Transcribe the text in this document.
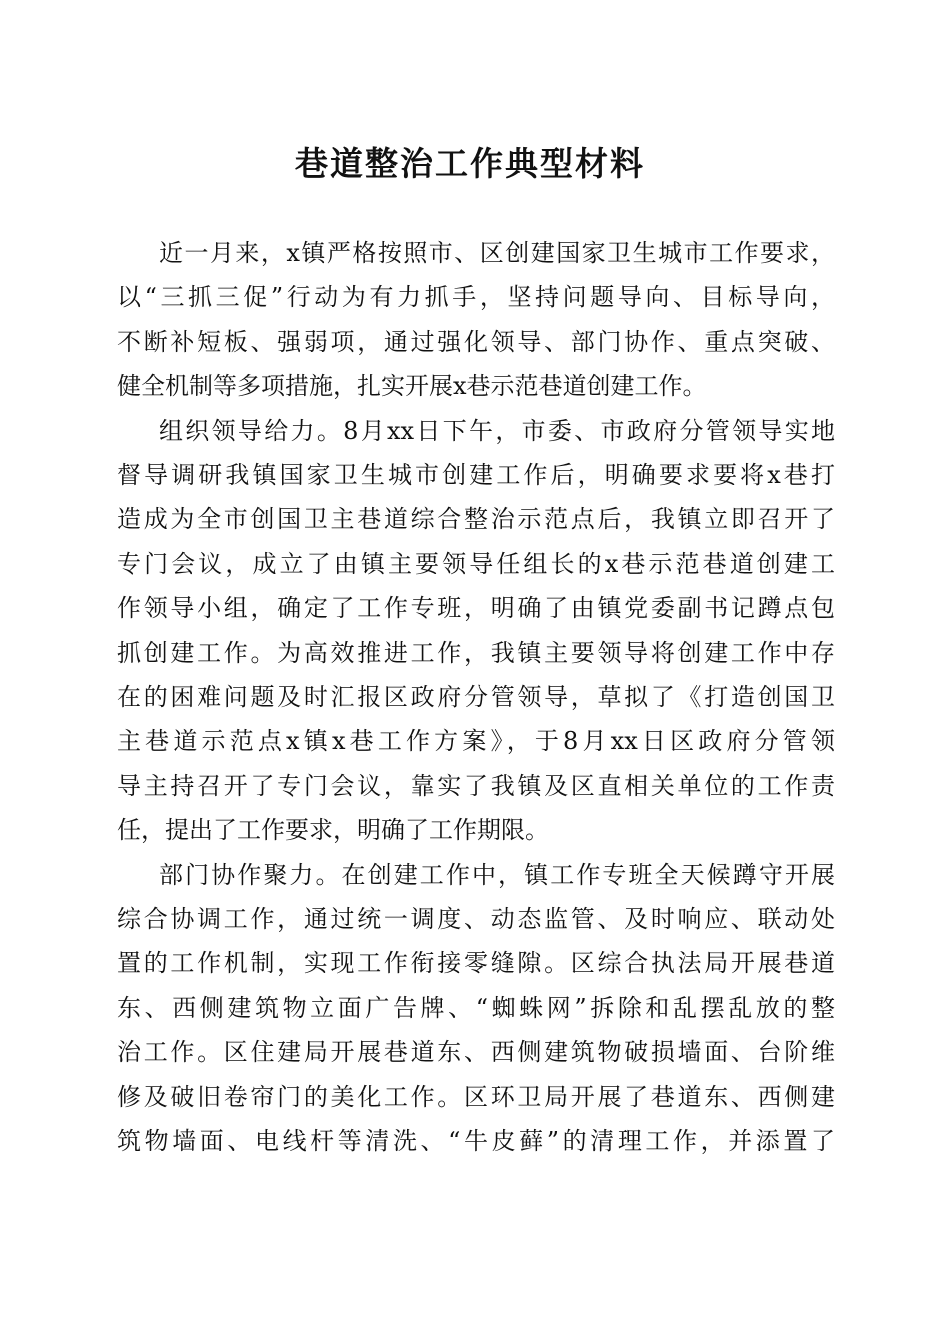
巷道整治工作典型材料
近一月来，x镇严格按照市、区创建国家卫生城市工作要求，
以“三抓三促”行动为有力抓手，坚持问题导向、目标导向，
不断补短板、强弱项，通过强化领导、部门协作、重点突破、
健全机制等多项措施，扎实开展x巷示范巷道创建工作。
组织领导给力。8月xx日下午，市委、市政府分管领导实地
督导调研我镇国家卫生城市创建工作后，明确要求要将x巷打
造成为全市创国卫主巷道综合整治示范点后，我镇立即召开了
专门会议，成立了由镇主要领导任组长的x巷示范巷道创建工
作领导小组，确定了工作专班，明确了由镇党委副书记蹲点包
抓创建工作。为高效推进工作，我镇主要领导将创建工作中存
在的困难问题及时汇报区政府分管领导，草拟了《打造创国卫
主巷道示范点x镇x巷工作方案》，于8月xx日区政府分管领
导主持召开了专门会议，靠实了我镇及区直相关单位的工作责
任，提出了工作要求，明确了工作期限。
部门协作聚力。在创建工作中，镇工作专班全天候蹲守开展
综合协调工作，通过统一调度、动态监管、及时响应、联动处
置的工作机制，实现工作衔接零缝隙。区综合执法局开展巷道
东、西侧建筑物立面广告牌、“蜘蛛网”拆除和乱摆乱放的整
治工作。区住建局开展巷道东、西侧建筑物破损墙面、台阶维
修及破旧卷帘门的美化工作。区环卫局开展了巷道东、西侧建
筑物墙面、电线杆等清洗、“牛皮藓”的清理工作，并添置了
